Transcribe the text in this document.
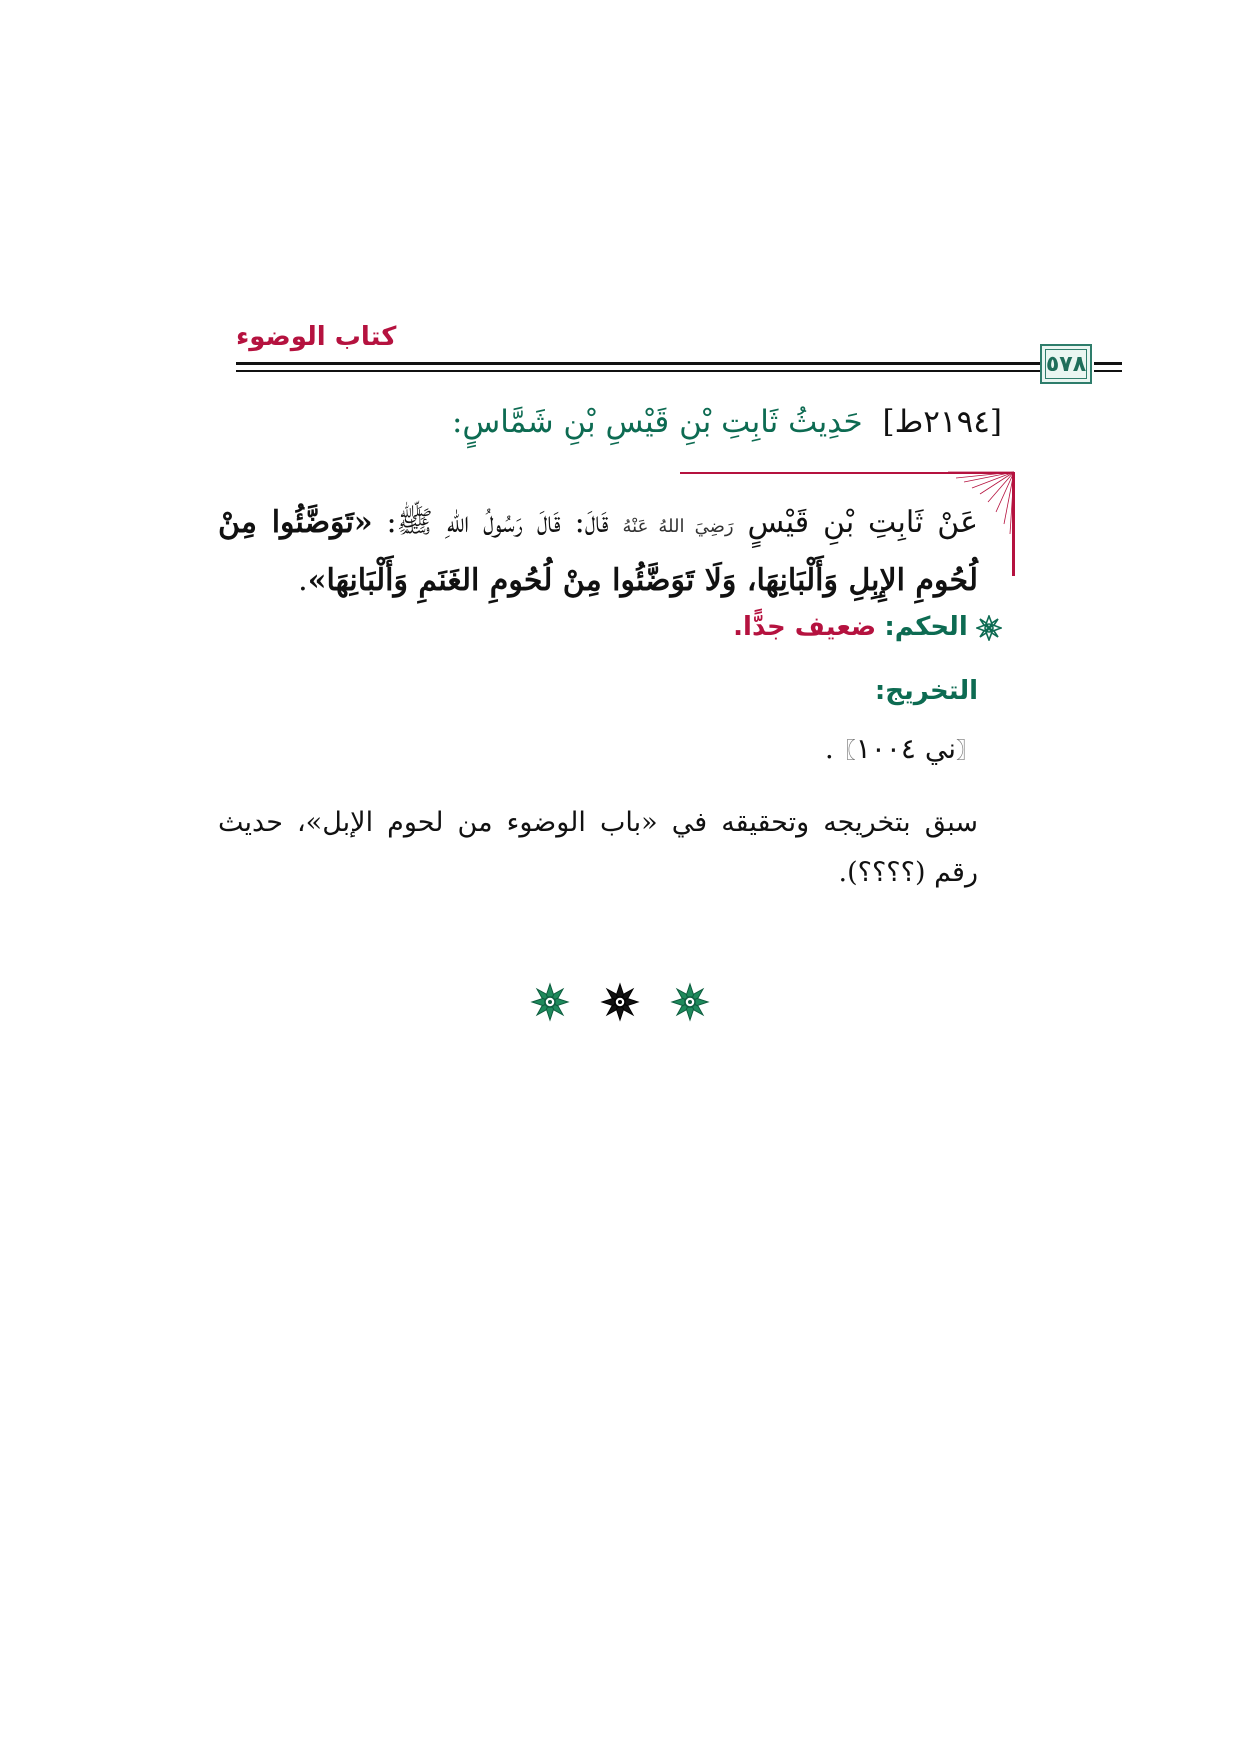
كتاب الوضوء
٥٧٨
[٢١٩٤ط] حَدِيثُ ثَابِتِ بْنِ قَيْسِ بْنِ شَمَّاسٍ:
عَنْ ثَابِتِ بْنِ قَيْسٍ رَضِيَ اللهُ عَنْهُ قَالَ: قَالَ رَسُولُ اللهِ ﷺ: «تَوَضَّئُوا مِنْ لُحُومِ الإِبِلِ وَأَلْبَانِهَا، وَلَا تَوَضَّئُوا مِنْ لُحُومِ الغَنَمِ وَأَلْبَانِهَا».
الحكم: ضعيف جدًّا.
التخريج:
〖ني ١٠٠٤〗.
سبق بتخريجه وتحقيقه في «باب الوضوء من لحوم الإبل»، حديث رقم (؟؟؟؟).
